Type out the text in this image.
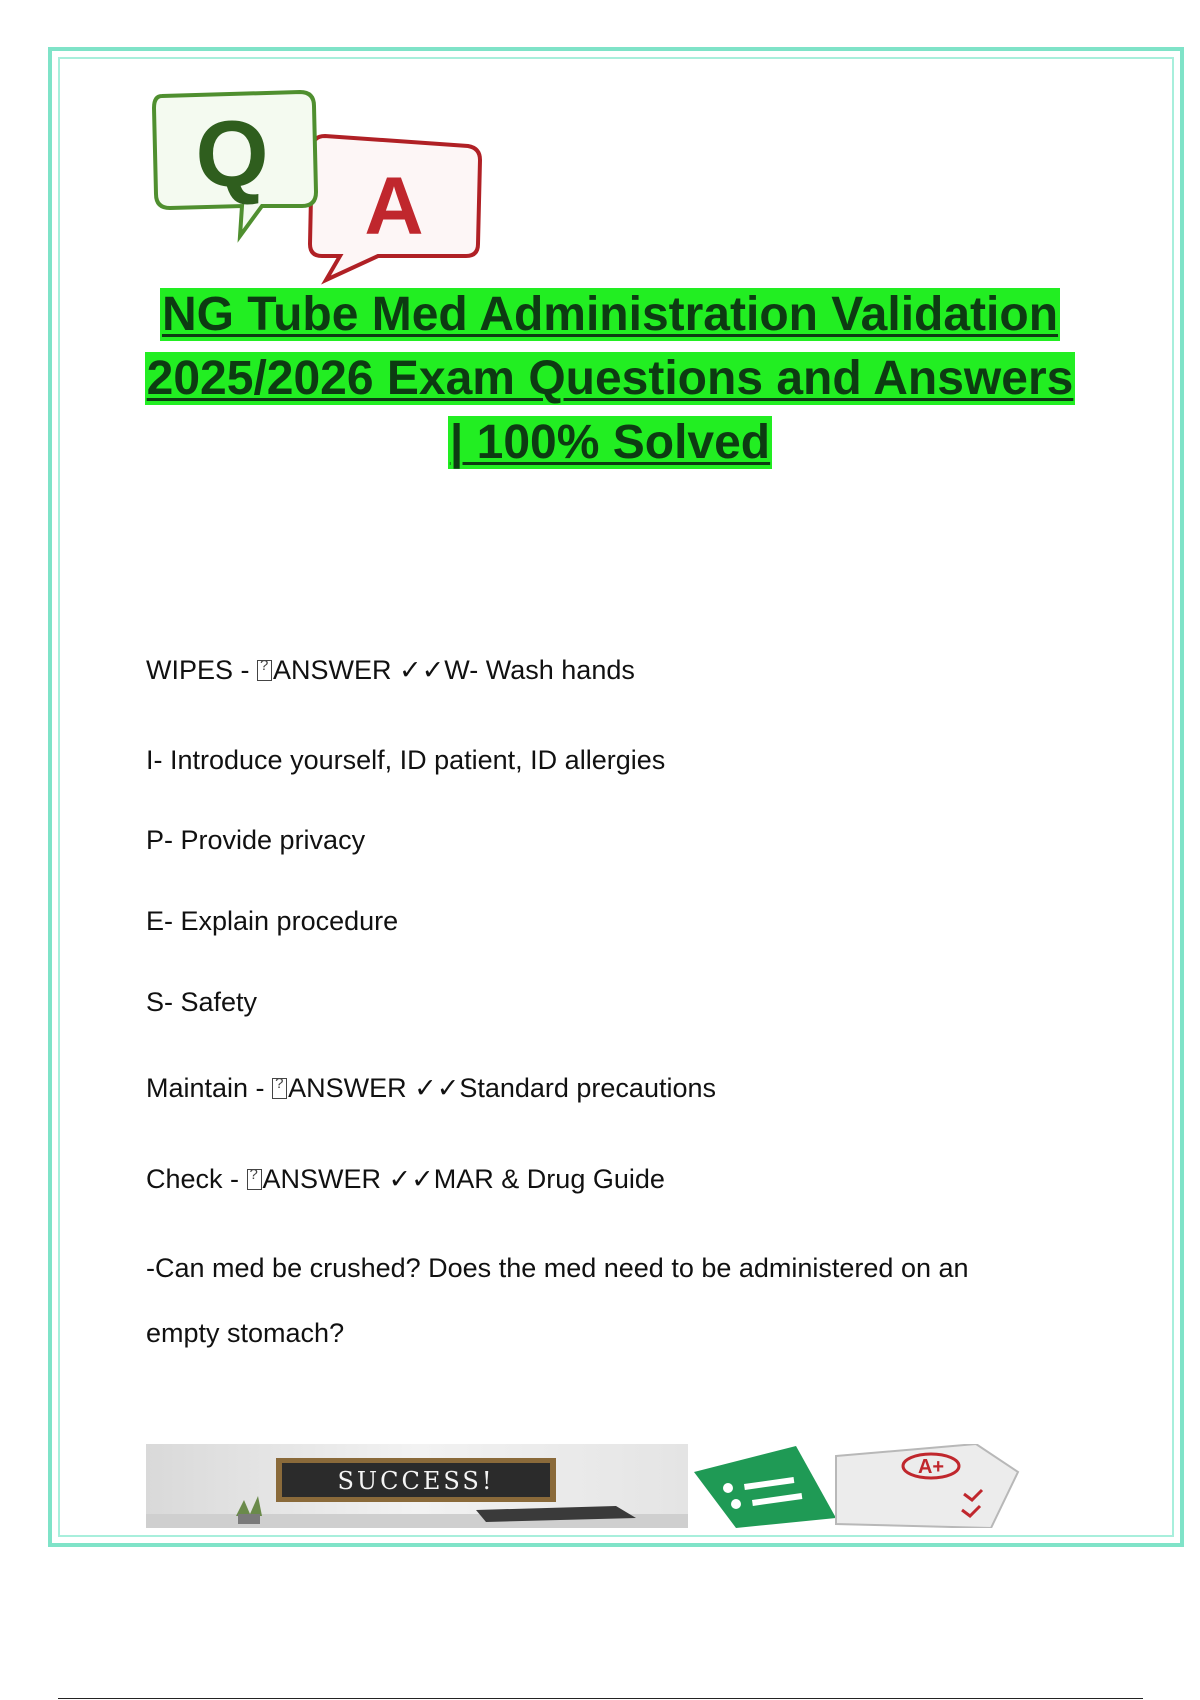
Q
A
NG Tube Med Administration Validation
2025/2026 Exam Questions and Answers
| 100% Solved
WIPES - ?ANSWER ✓✓W- Wash hands
I- Introduce yourself, ID patient, ID allergies
P- Provide privacy
E- Explain procedure
S- Safety
Maintain - ?ANSWER ✓✓Standard precautions
Check - ?ANSWER ✓✓MAR & Drug Guide
-Can med be crushed? Does the med need to be administered on an
empty stomach?
SUCCESS!	A+
